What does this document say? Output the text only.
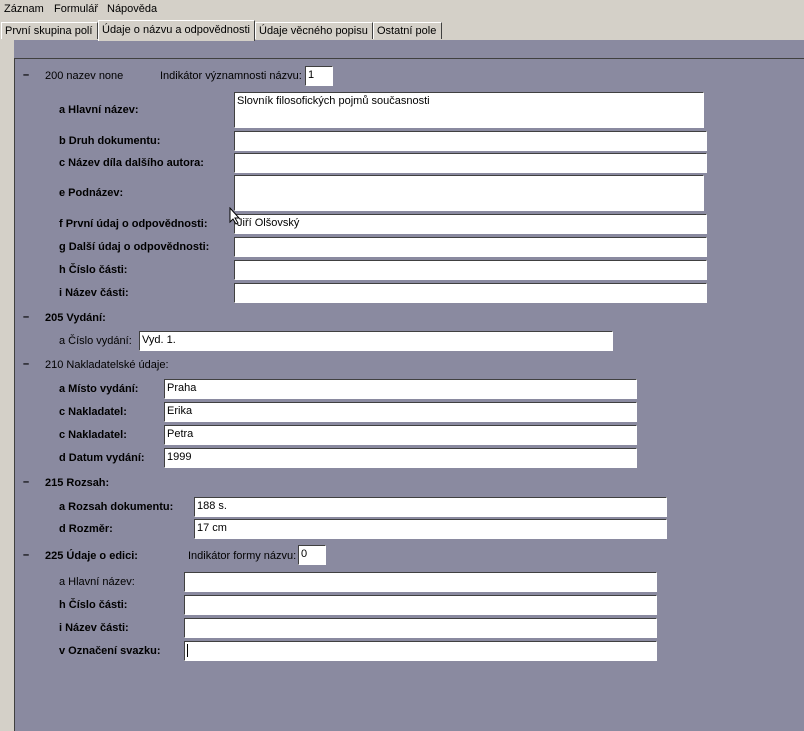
Záznam Formulář Nápověda
První skupina polí Údaje o názvu a odpovědnosti Údaje věcného popisu Ostatní pole
– 200 nazev none	Indikátor významnosti názvu: 1
a Hlavní název:
Slovník filosofických pojmů současnosti
b Druh dokumentu:
c Název díla dalšího autora:
e Podnázev:
f První údaj o odpovědnosti:	Jiří Olšovský
g Další údaj o odpovědnosti:
h Číslo části:
i Název části:
– 205 Vydání:
a Číslo vydání: Vyd. 1.
– 210 Nakladatelské údaje:
a Místo vydání:	Praha
c Nakladatel:	Erika
c Nakladatel:	Petra
d Datum vydání: 1999
– 215 Rozsah:
a Rozsah dokumentu: 188 s.
d Rozměr:	17 cm
– 225 Údaje o edici:	Indikátor formy názvu: 0
a Hlavní název:
h Číslo části:
i Název části:
v Označení svazku:
